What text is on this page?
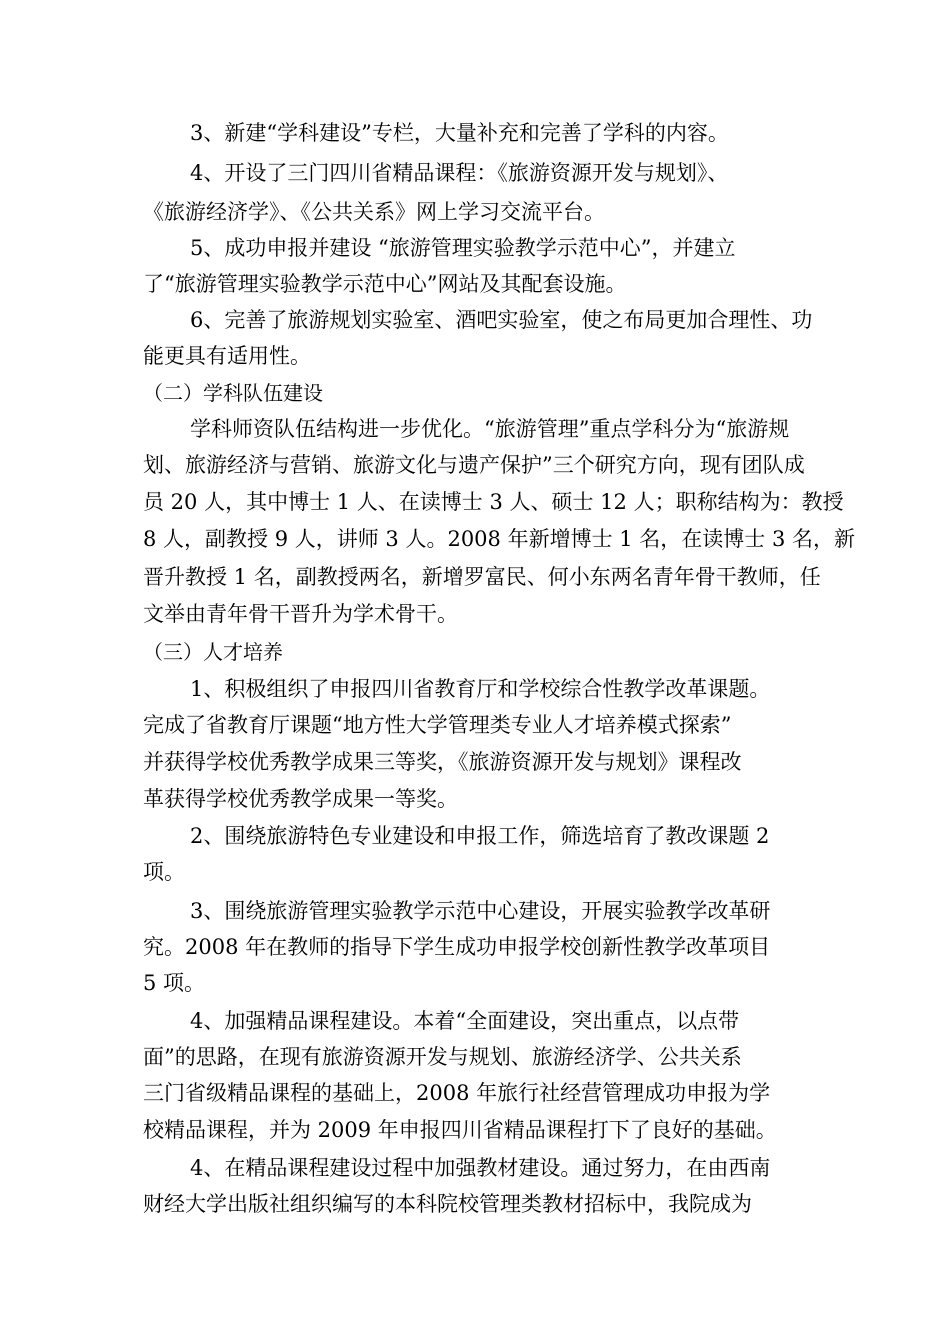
3、新建“学科建设”专栏，大量补充和完善了学科的内容。

4、开设了三门四川省精品课程：《旅游资源开发与规划》、

《旅游经济学》、《公共关系》网上学习交流平台。

5、成功申报并建设 “旅游管理实验教学示范中心”，并建立

了“旅游管理实验教学示范中心”网站及其配套设施。

6、完善了旅游规划实验室、酒吧实验室，使之布局更加合理性、功

能更具有适用性。

（二）学科队伍建设

学科师资队伍结构进一步优化。“旅游管理”重点学科分为“旅游规

划、旅游经济与营销、旅游文化与遗产保护”三个研究方向，现有团队成

员 20 人，其中博士 1 人、在读博士 3 人、硕士 12 人；职称结构为：教授

8 人，副教授 9 人，讲师 3 人。2008 年新增博士 1 名，在读博士 3 名，新

晋升教授 1 名，副教授两名，新增罗富民、何小东两名青年骨干教师，任

文举由青年骨干晋升为学术骨干。

（三）人才培养

1、积极组织了申报四川省教育厅和学校综合性教学改革课题。

完成了省教育厅课题“地方性大学管理类专业人才培养模式探索”

并获得学校优秀教学成果三等奖，《旅游资源开发与规划》课程改

革获得学校优秀教学成果一等奖。

2、围绕旅游特色专业建设和申报工作，筛选培育了教改课题 2

项。

3、围绕旅游管理实验教学示范中心建设，开展实验教学改革研

究。2008 年在教师的指导下学生成功申报学校创新性教学改革项目

5 项。

4、加强精品课程建设。本着“全面建设，突出重点，以点带

面”的思路，在现有旅游资源开发与规划、旅游经济学、公共关系

三门省级精品课程的基础上，2008 年旅行社经营管理成功申报为学

校精品课程，并为 2009 年申报四川省精品课程打下了良好的基础。

4、在精品课程建设过程中加强教材建设。通过努力，在由西南

财经大学出版社组织编写的本科院校管理类教材招标中，我院成为
